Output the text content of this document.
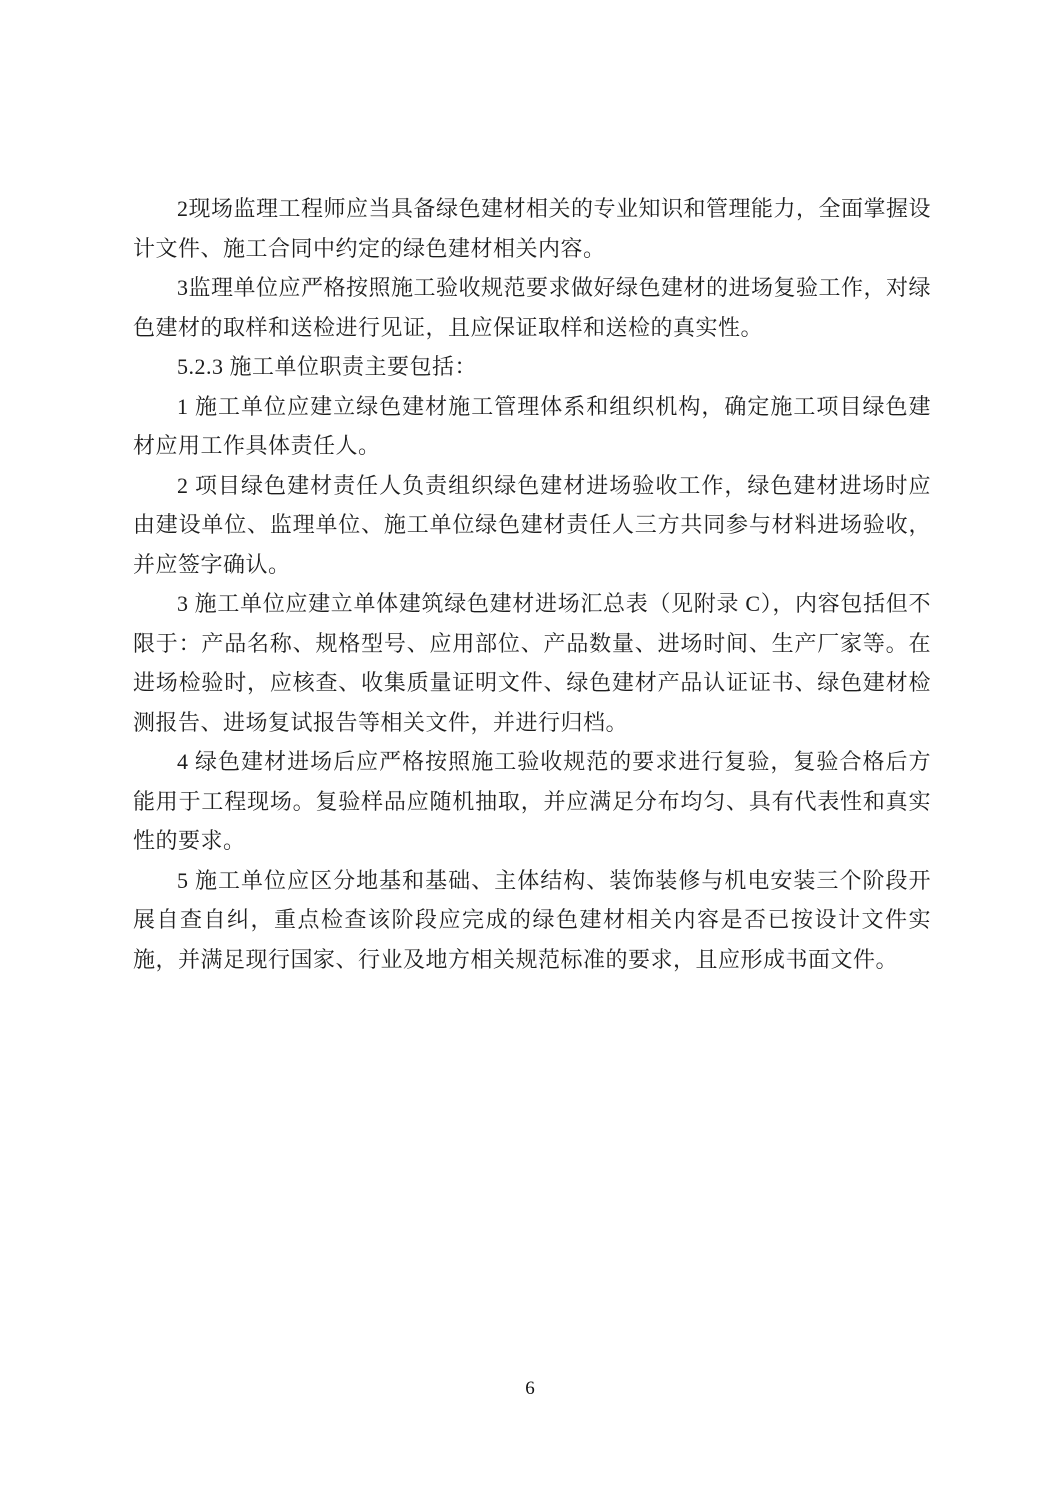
2现场监理工程师应当具备绿色建材相关的专业知识和管理能力，全面掌握设计文件、施工合同中约定的绿色建材相关内容。

3监理单位应严格按照施工验收规范要求做好绿色建材的进场复验工作，对绿色建材的取样和送检进行见证，且应保证取样和送检的真实性。

5.2.3 施工单位职责主要包括：

1 施工单位应建立绿色建材施工管理体系和组织机构，确定施工项目绿色建材应用工作具体责任人。

2 项目绿色建材责任人负责组织绿色建材进场验收工作，绿色建材进场时应由建设单位、监理单位、施工单位绿色建材责任人三方共同参与材料进场验收，并应签字确认。

3 施工单位应建立单体建筑绿色建材进场汇总表（见附录 C），内容包括但不限于：产品名称、规格型号、应用部位、产品数量、进场时间、生产厂家等。在进场检验时，应核查、收集质量证明文件、绿色建材产品认证证书、绿色建材检测报告、进场复试报告等相关文件，并进行归档。

4 绿色建材进场后应严格按照施工验收规范的要求进行复验，复验合格后方能用于工程现场。复验样品应随机抽取，并应满足分布均匀、具有代表性和真实性的要求。

5 施工单位应区分地基和基础、主体结构、装饰装修与机电安装三个阶段开展自查自纠，重点检查该阶段应完成的绿色建材相关内容是否已按设计文件实施，并满足现行国家、行业及地方相关规范标准的要求，且应形成书面文件。

6
